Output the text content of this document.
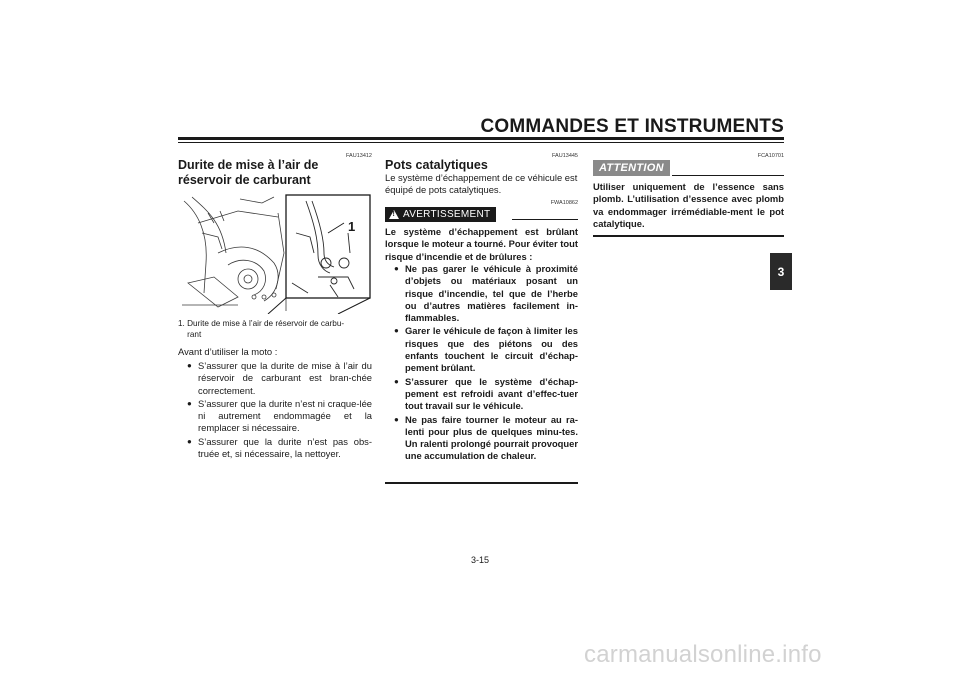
COMMANDES ET INSTRUMENTS
3
FAU13412
Durite de mise à l’air de réservoir de carburant
1
1. Durite de mise à l’air de réservoir de carbu-
rant
Avant d’utiliser la moto :
● S’assurer que la durite de mise à l’air du réservoir de carburant est bran-chée correctement.
● S’assurer que la durite n’est ni craque-lée ni autrement endommagée et la remplacer si nécessaire.
● S’assurer que la durite n’est pas obs-truée et, si nécessaire, la nettoyer.
FAU13445
Pots catalytiques
Le système d’échappement de ce véhicule est équipé de pots catalytiques.
FWA10862
! AVERTISSEMENT
Le système d’échappement est brûlant lorsque le moteur a tourné. Pour éviter tout risque d’incendie et de brûlures :
● Ne pas garer le véhicule à proximité d’objets ou matériaux posant un risque d’incendie, tel que de l’herbe ou d’autres matières facilement in-flammables.
● Garer le véhicule de façon à limiter les risques que des piétons ou des enfants touchent le circuit d’échap-pement brûlant.
● S’assurer que le système d’échap-pement est refroidi avant d’effec-tuer tout travail sur le véhicule.
● Ne pas faire tourner le moteur au ra-lenti pour plus de quelques minu-tes. Un ralenti prolongé pourrait provoquer une accumulation de chaleur.
FCA10701
ATTENTION
Utiliser uniquement de l’essence sans plomb. L’utilisation d’essence avec plomb va endommager irrémédiable-ment le pot catalytique.
3-15
carmanualsonline.info
